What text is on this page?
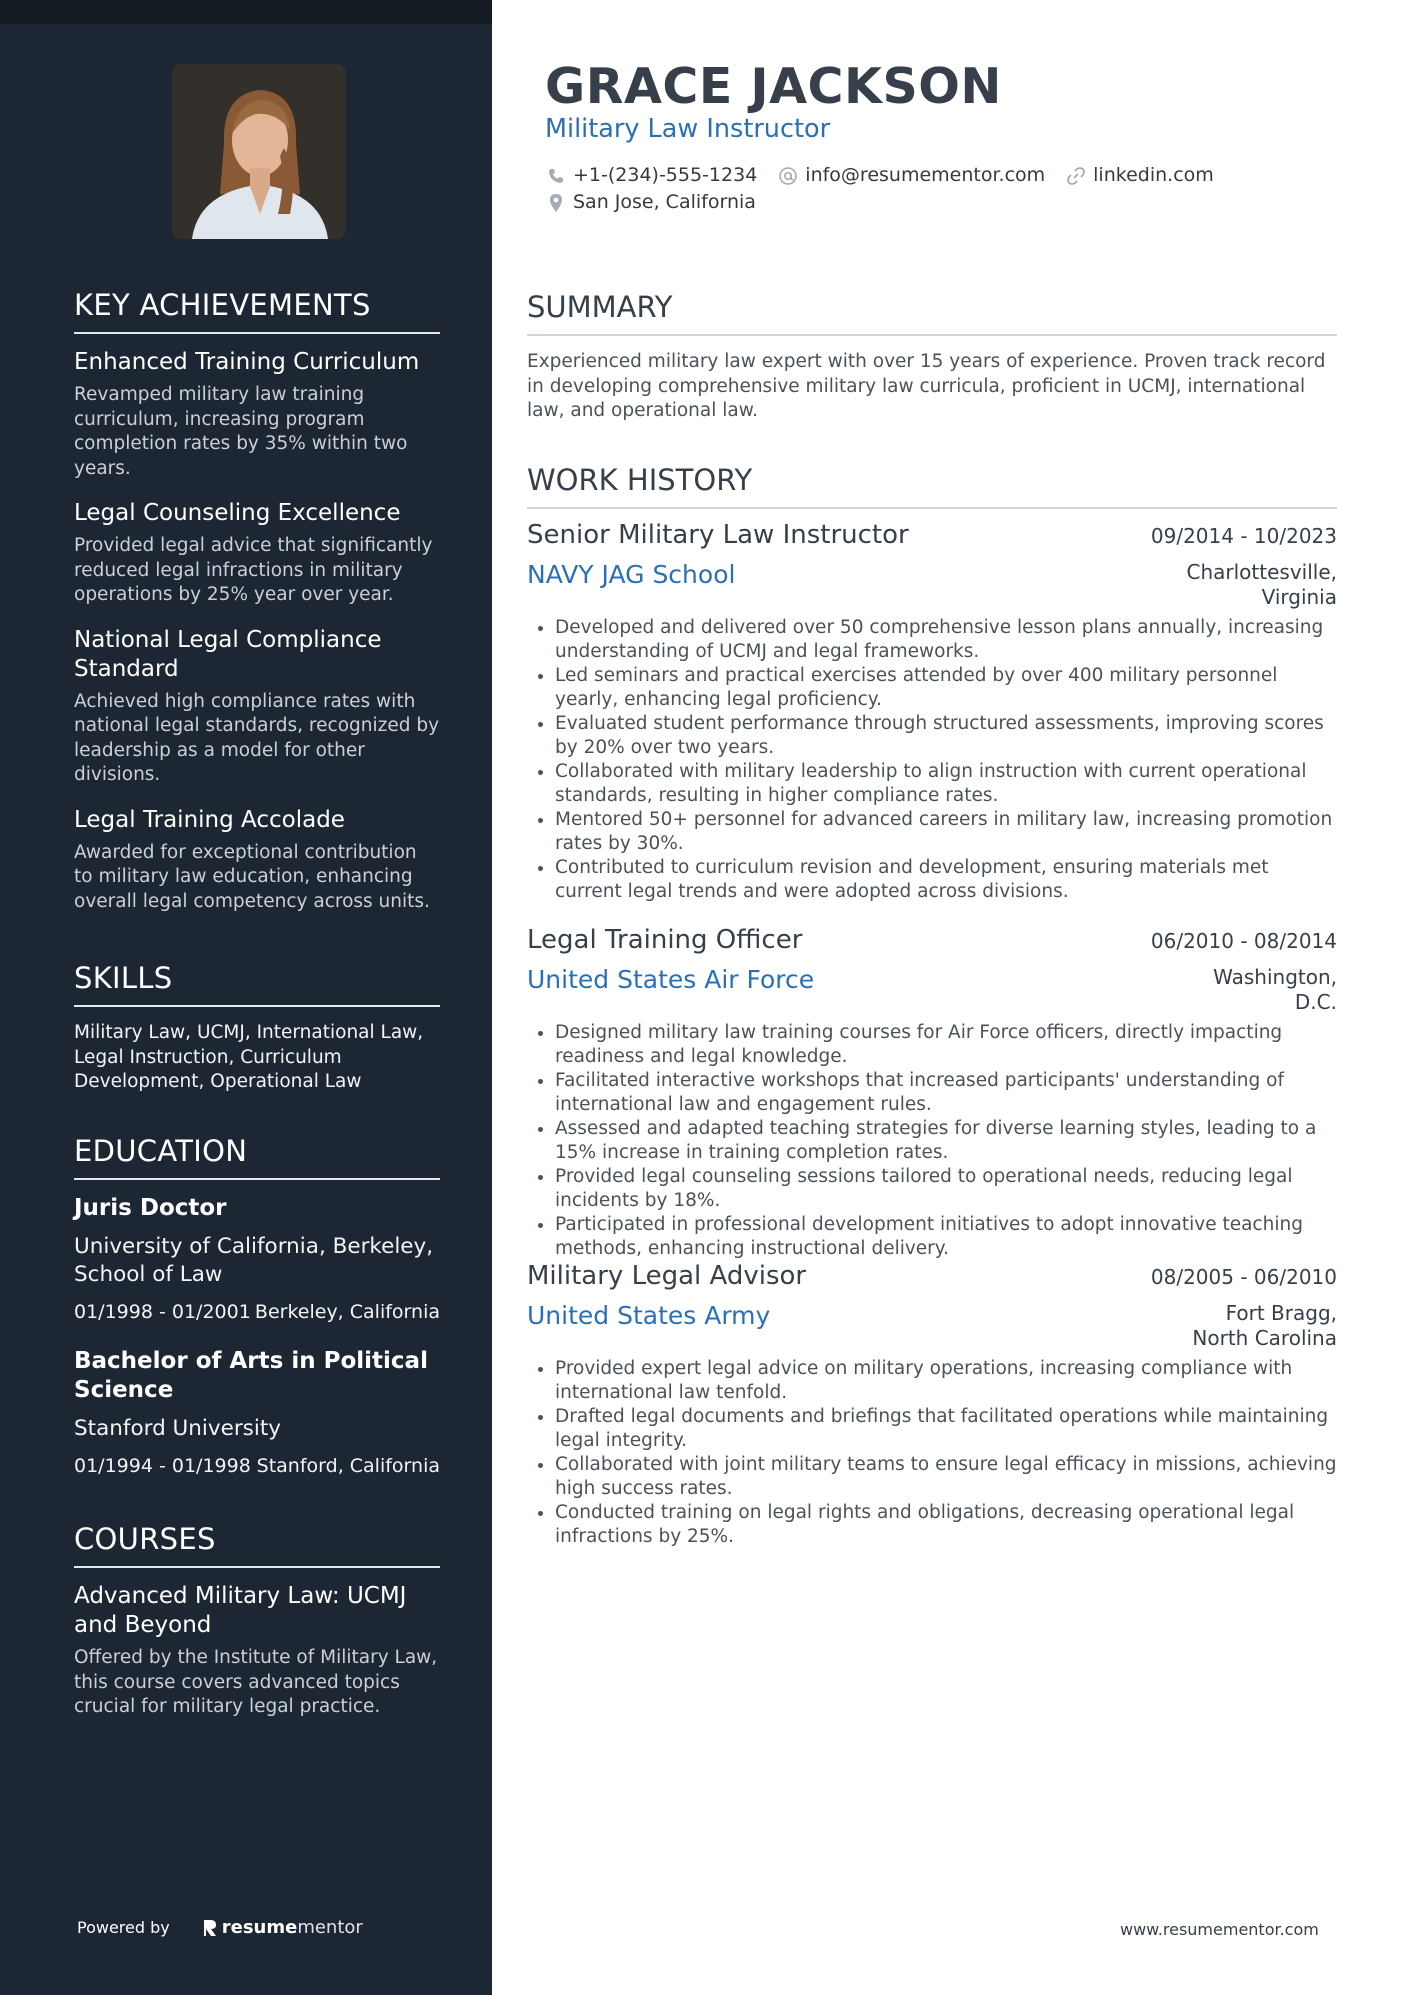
KEY ACHIEVEMENTS
Enhanced Training Curriculum
Revamped military law training curriculum, increasing program completion rates by 35% within two years.
Legal Counseling Excellence
Provided legal advice that significantly reduced legal infractions in military operations by 25% year over year.
National Legal Compliance Standard
Achieved high compliance rates with national legal standards, recognized by leadership as a model for other divisions.
Legal Training Accolade
Awarded for exceptional contribution to military law education, enhancing overall legal competency across units.
SKILLS
Military Law, UCMJ, International Law, Legal Instruction, Curriculum Development, Operational Law
EDUCATION
Juris Doctor
University of California, Berkeley, School of Law
01/1998 - 01/2001 Berkeley, California
Bachelor of Arts in Political Science
Stanford University
01/1994 - 01/1998 Stanford, California
COURSES
Advanced Military Law: UCMJ and Beyond
Offered by the Institute of Military Law, this course covers advanced topics crucial for military legal practice.
Powered by	resume mentor
GRACE JACKSON
Military Law Instructor
+1-(234)-555-1234	info@resumementor.com	linkedin.com
San Jose, California
SUMMARY
Experienced military law expert with over 15 years of experience. Proven track record in developing comprehensive military law curricula, proficient in UCMJ, international law, and operational law.
WORK HISTORY
Senior Military Law Instructor	09/2014 - 10/2023
NAVY JAG School	Charlottesville, Virginia
• Developed and delivered over 50 comprehensive lesson plans annually, increasing understanding of UCMJ and legal frameworks.
• Led seminars and practical exercises attended by over 400 military personnel yearly, enhancing legal proficiency.
• Evaluated student performance through structured assessments, improving scores by 20% over two years.
• Collaborated with military leadership to align instruction with current operational standards, resulting in higher compliance rates.
• Mentored 50+ personnel for advanced careers in military law, increasing promotion rates by 30%.
• Contributed to curriculum revision and development, ensuring materials met current legal trends and were adopted across divisions.
Legal Training Officer	06/2010 - 08/2014
United States Air Force	Washington, D.C.
• Designed military law training courses for Air Force officers, directly impacting readiness and legal knowledge.
• Facilitated interactive workshops that increased participants' understanding of international law and engagement rules.
• Assessed and adapted teaching strategies for diverse learning styles, leading to a 15% increase in training completion rates.
• Provided legal counseling sessions tailored to operational needs, reducing legal incidents by 18%.
• Participated in professional development initiatives to adopt innovative teaching methods, enhancing instructional delivery.
Military Legal Advisor	08/2005 - 06/2010
United States Army	Fort Bragg, North Carolina
• Provided expert legal advice on military operations, increasing compliance with international law tenfold.
• Drafted legal documents and briefings that facilitated operations while maintaining legal integrity.
• Collaborated with joint military teams to ensure legal efficacy in missions, achieving high success rates.
• Conducted training on legal rights and obligations, decreasing operational legal infractions by 25%.
www.resumementor.com
